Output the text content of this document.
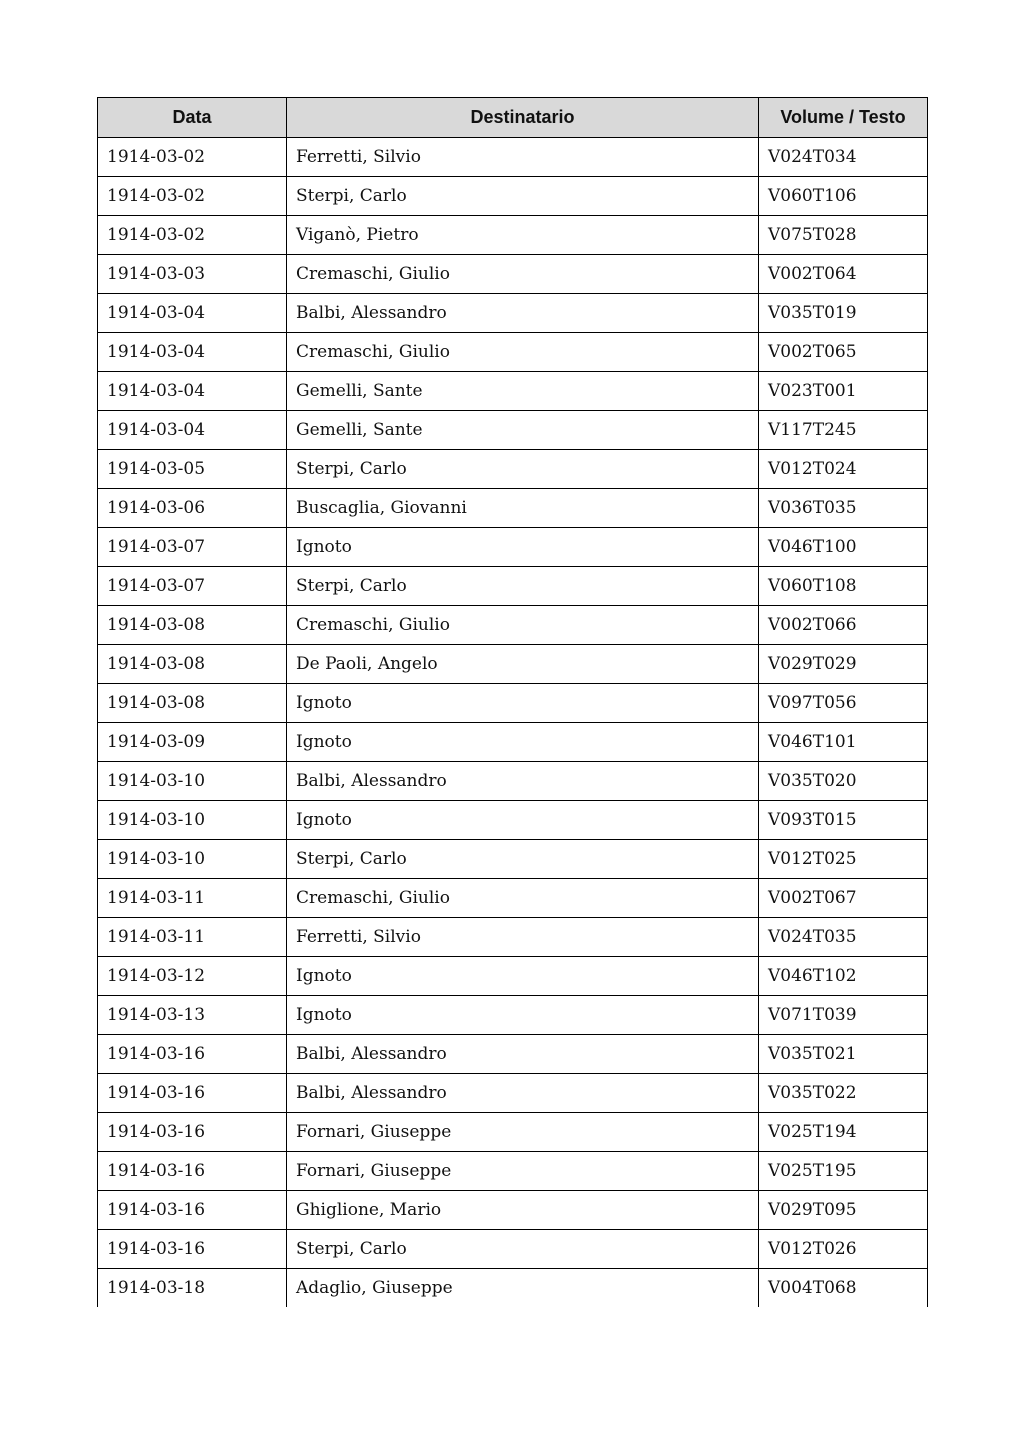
Data	Destinatario	Volume / Testo
1914-03-02	Ferretti, Silvio	V024T034
1914-03-02	Sterpi, Carlo	V060T106
1914-03-02	Viganò, Pietro	V075T028
1914-03-03	Cremaschi, Giulio	V002T064
1914-03-04	Balbi, Alessandro	V035T019
1914-03-04	Cremaschi, Giulio	V002T065
1914-03-04	Gemelli, Sante	V023T001
1914-03-04	Gemelli, Sante	V117T245
1914-03-05	Sterpi, Carlo	V012T024
1914-03-06	Buscaglia, Giovanni	V036T035
1914-03-07	Ignoto	V046T100
1914-03-07	Sterpi, Carlo	V060T108
1914-03-08	Cremaschi, Giulio	V002T066
1914-03-08	De Paoli, Angelo	V029T029
1914-03-08	Ignoto	V097T056
1914-03-09	Ignoto	V046T101
1914-03-10	Balbi, Alessandro	V035T020
1914-03-10	Ignoto	V093T015
1914-03-10	Sterpi, Carlo	V012T025
1914-03-11	Cremaschi, Giulio	V002T067
1914-03-11	Ferretti, Silvio	V024T035
1914-03-12	Ignoto	V046T102
1914-03-13	Ignoto	V071T039
1914-03-16	Balbi, Alessandro	V035T021
1914-03-16	Balbi, Alessandro	V035T022
1914-03-16	Fornari, Giuseppe	V025T194
1914-03-16	Fornari, Giuseppe	V025T195
1914-03-16	Ghiglione, Mario	V029T095
1914-03-16	Sterpi, Carlo	V012T026
1914-03-18	Adaglio, Giuseppe	V004T068
